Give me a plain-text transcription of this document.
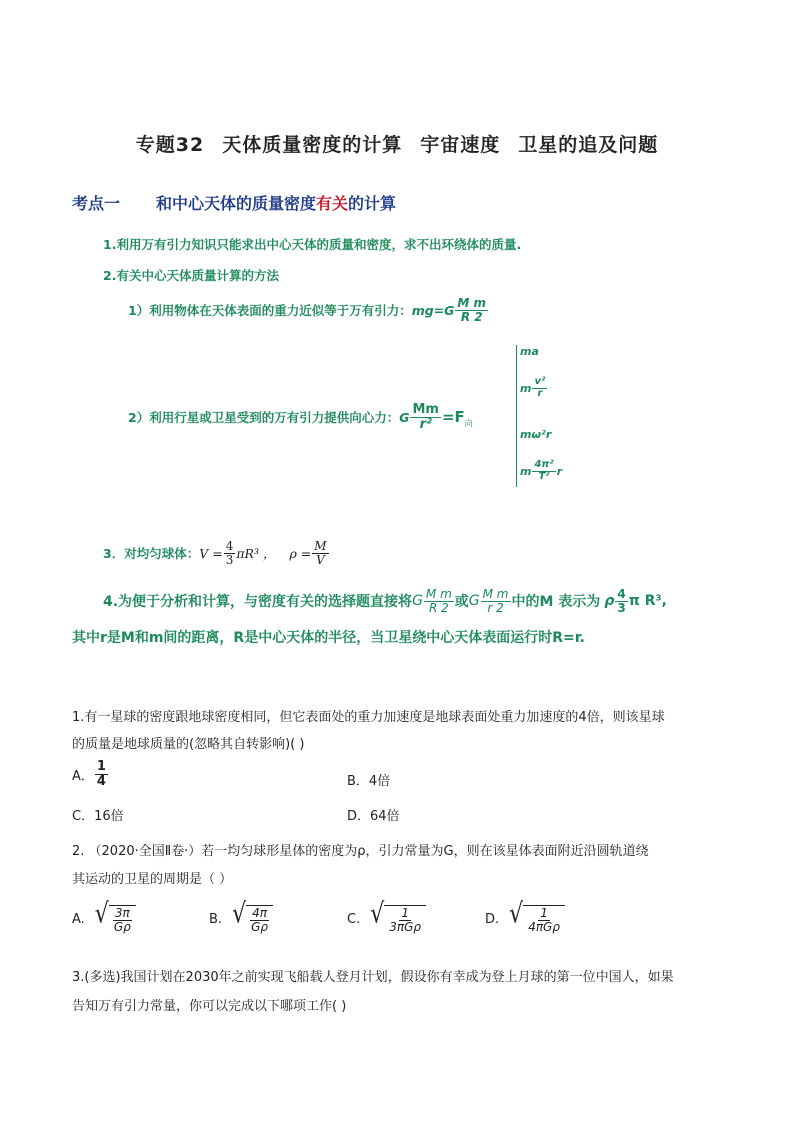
专题32 天体质量密度的计算 宇宙速度 卫星的追及问题
考点一 和中心天体的质量密度有关的计算
1.利用万有引力知识只能求出中心天体的质量和密度，求不出环绕体的质量.
2.有关中心天体质量计算的方法
1）利用物体在天体表面的重力近似等于万有引力： $mg=G \frac{\text{M m}}{R 2}$
2）利用行星或卫星受到的万有引力提供向心力： G $\frac{Mm}{\text{r²}} =F$ 向
ma
m $\frac{\text{v²}}{r}$
mω²r
m $\frac{\text{4π²}}{\text{T²}}$ r
3．对均匀球体： $V = \frac{4}{3} \pi R^3$ ， $\rho = \frac{M}{V}$
4.为便于分析和计算，与密度有关的选择题直接将 G $\frac{\text{M m}}{R 2}$ 或 G $\frac{\text{M m}}{r 2}$ 中的M 表示为 ρ $\frac{4}{3}$ π R³,
其中r是M和m间的距离，R是中心天体的半径，当卫星绕中心天体表面运行时R=r.
1.有一星球的密度跟地球密度相同，但它表面处的重力加速度是地球表面处重力加速度的4倍，则该星球
的质量是地球质量的(忽略其自转影响)( )
A． $\frac{1}{4}$	B．4倍
C．16倍	D．64倍
2. （2020·全国Ⅱ卷·）若一均匀球形星体的密度为ρ，引力常量为G，则在该星体表面附近沿圆轨道绕
其运动的卫星的周期是（ ）
A. √ $\frac{3\pi}{G\rho}$	B. √ $\frac{4\pi}{G\rho}$	C. √ $\frac{1}{\text{3πGρ}}$	D. √ $\frac{1}{\text{4πGρ}}$
3.(多选)我国计划在2030年之前实现飞船载人登月计划，假设你有幸成为登上月球的第一位中国人，如果
告知万有引力常量，你可以完成以下哪项工作( )
